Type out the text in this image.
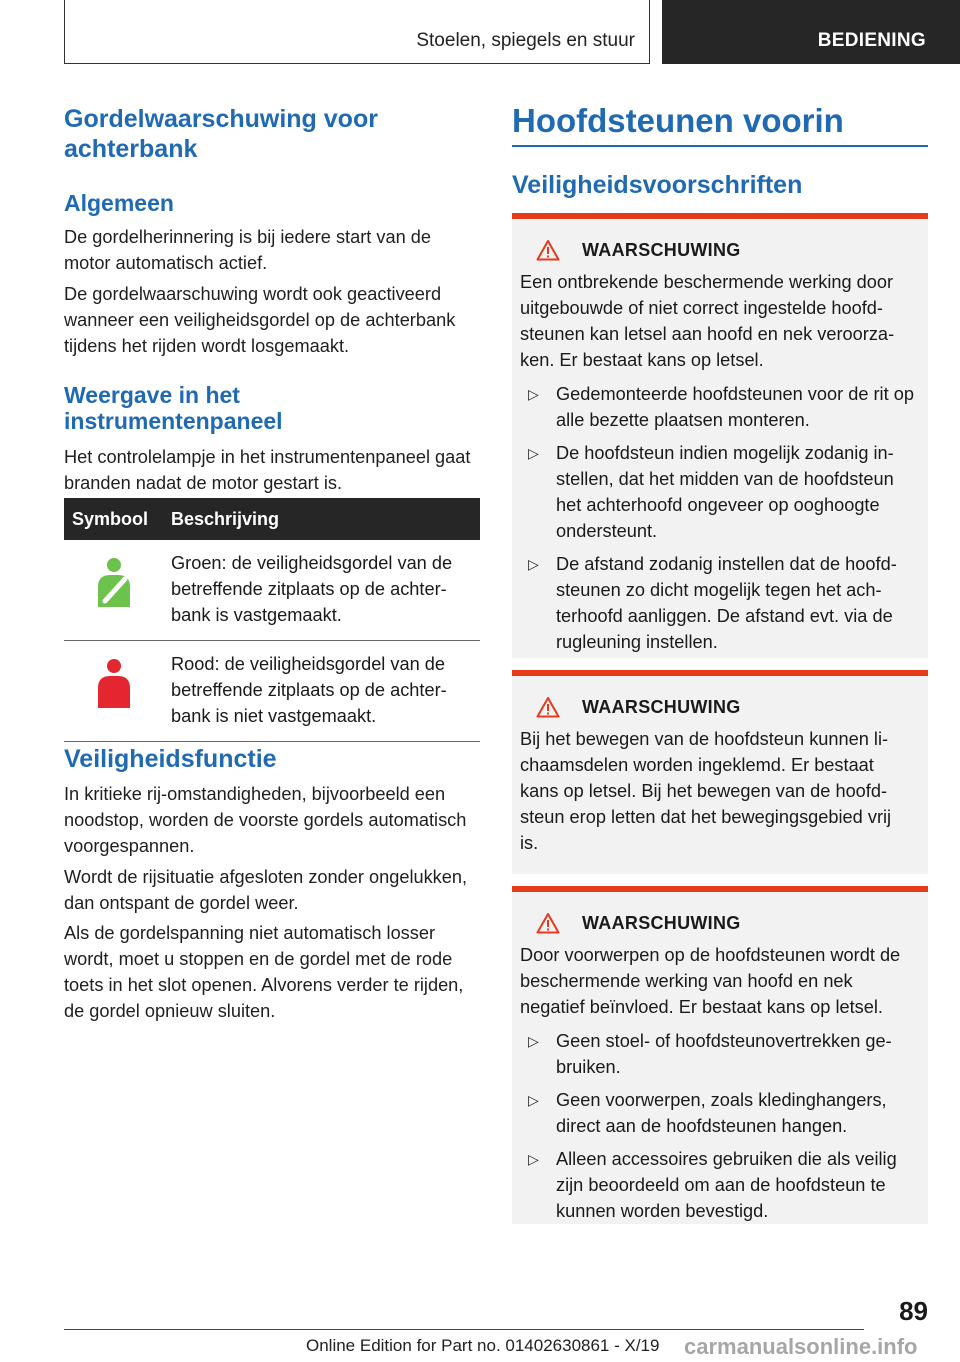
Stoelen, spiegels en stuur	BEDIENING
Gordelwaarschuwing voor achterbank
Algemeen

De gordelherinnering is bij iedere start van de motor automatisch actief.

De gordelwaarschuwing wordt ook geactiveerd wanneer een veiligheidsgordel op de achterbank tijdens het rijden wordt losgemaakt.

Weergave in het instrumentenpaneel

Het controlelampje in het instrumentenpaneel gaat branden nadat de motor gestart is.

Symbool	Beschrijving

	Groen: de veiligheidsgordel van de betreffende zitplaats op de achterbank is vastgemaakt.

	Rood: de veiligheidsgordel van de betreffende zitplaats op de achterbank is niet vastgemaakt.
Veiligheidsfunctie

In kritieke rij-omstandigheden, bijvoorbeeld een noodstop, worden de voorste gordels automatisch voorgespannen.

Wordt de rijsituatie afgesloten zonder ongelukken, dan ontspant de gordel weer.

Als de gordelspanning niet automatisch losser wordt, moet u stoppen en de gordel met de rode toets in het slot openen. Alvorens verder te rijden, de gordel opnieuw sluiten.

Hoofdsteunen voorin
Veiligheidsvoorschriften
WAARSCHUWING
Een ontbrekende beschermende werking door uitgebouwde of niet correct ingestelde hoofdsteunen kan letsel aan hoofd en nek veroorzaken. Er bestaat kans op letsel.
▷ Gedemonteerde hoofdsteunen voor de rit op alle bezette plaatsen monteren.
▷ De hoofdsteun indien mogelijk zodanig instellen, dat het midden van de hoofdsteun het achterhoofd ongeveer op ooghoogte ondersteunt.
▷ De afstand zodanig instellen dat de hoofdsteunen zo dicht mogelijk tegen het achterhoofd aanliggen. De afstand evt. via de rugleuning instellen.
WAARSCHUWING
Bij het bewegen van de hoofdsteun kunnen lichaamsdelen worden ingeklemd. Er bestaat kans op letsel. Bij het bewegen van de hoofdsteun erop letten dat het bewegingsgebied vrij is.
WAARSCHUWING
Door voorwerpen op de hoofdsteunen wordt de beschermende werking van hoofd en nek negatief beïnvloed. Er bestaat kans op letsel.
▷ Geen stoel- of hoofdsteunovertrekken gebruiken.
▷ Geen voorwerpen, zoals kledinghangers, direct aan de hoofdsteunen hangen.
▷ Alleen accessoires gebruiken die als veilig zijn beoordeeld om aan de hoofdsteun te kunnen worden bevestigd.
89
Online Edition for Part no. 01402630861 - X/19 carmanualsonline.info
